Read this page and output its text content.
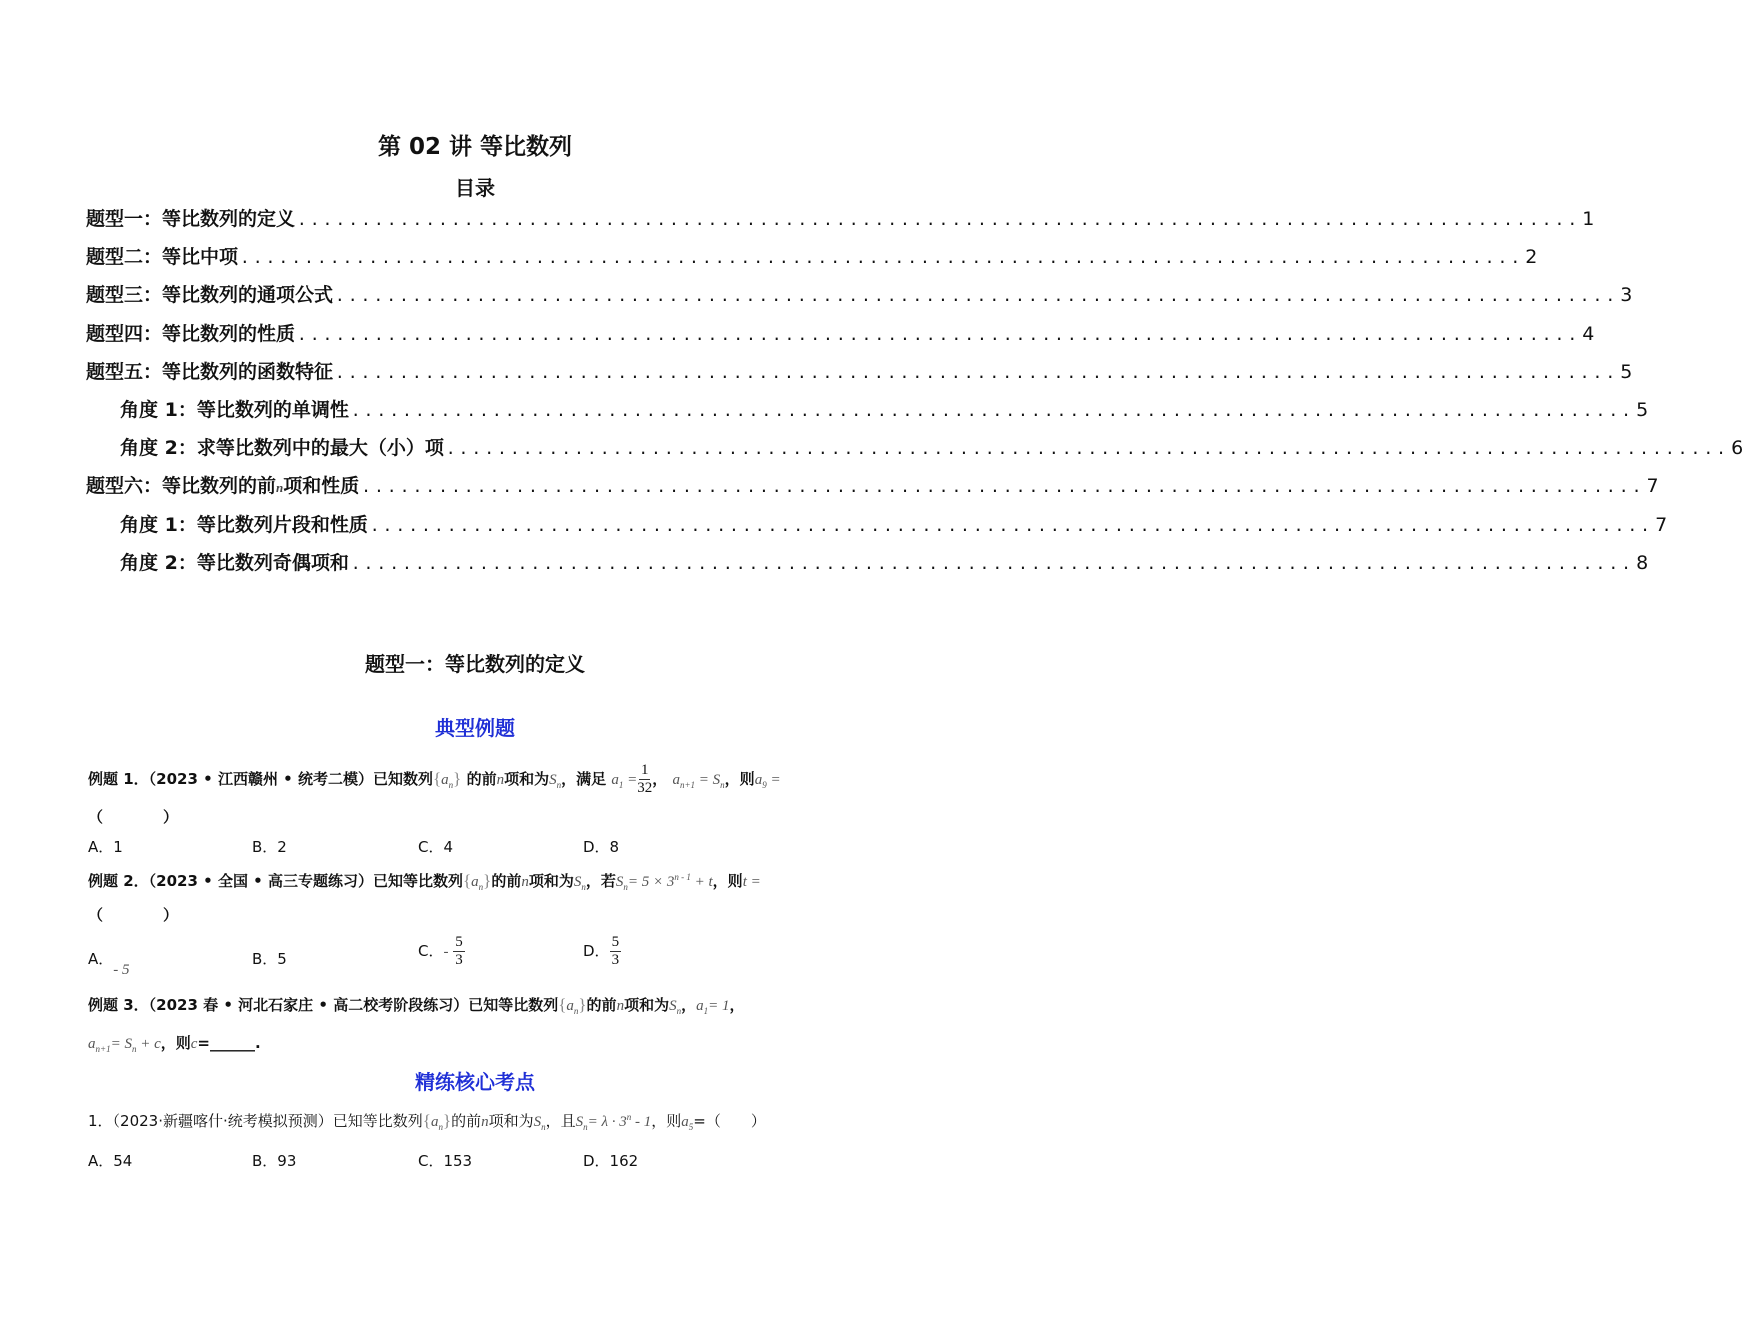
第 02 讲 等比数列
目录
题型一：等比数列的定义 .................................................................................................... 1
题型二：等比中项 .................................................................................................... 2
题型三：等比数列的通项公式 .................................................................................................... 3
题型四：等比数列的性质 .................................................................................................... 4
题型五：等比数列的函数特征 .................................................................................................... 5
角度 1：等比数列的单调性 .................................................................................................... 5
角度 2：求等比数列中的最大（小）项 .................................................................................................... 6
题型六：等比数列的前n项和性质 .................................................................................................... 7
角度 1：等比数列片段和性质 .................................................................................................... 7
角度 2：等比数列奇偶项和 .................................................................................................... 8
题型一：等比数列的定义
典型例题
例题 1．（2023 • 江西赣州 • 统考二模）已知数列$\{a_n\}$ 的前n项和为$S_n$，满足 $a_1 = \frac{1}{32}$ ， $a_{n+1} = S_n$，则$a_9$ =
（　　　　）
A．1	B．2	C．4	D．8
例题 2．（2023 • 全国 • 高三专题练习）已知等比数列$\{a_n\}$的前n项和为$S_n$，若$S_n= 5 \times 3^{n - 1} + t$，则t =
（　　　　）
A．- 5
B．5	C．- $\frac{5}{3}$	D． $\frac{5}{3}$
例题 3．（2023 春 • 河北石家庄 • 高二校考阶段练习）已知等比数列$\{a_n\}$的前n项和为$S_n$，$a_1= 1$，
$a_{n+1}= S_n + c$，则c=______.
精练核心考点
1．（2023·新疆喀什·统考模拟预测）已知等比数列$\{a_n\}$的前n项和为$S_n$，且$S_n= \lambda \cdot 3^n - 1$，则$a_5=$（　　）
A．54	B．93	C．153	D．162
